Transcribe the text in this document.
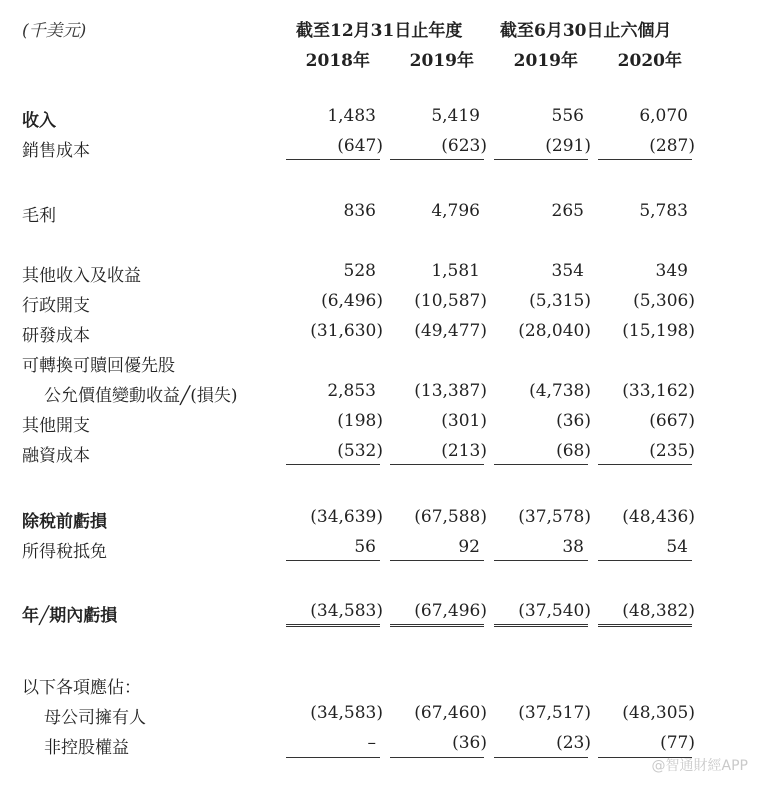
(千美元)	截至12月31日止年度 截至6月30日止六個月
2018年	2019年	2019年	2020年
收入	1,483	5,419	556	6,070
銷售成本	(647)	(623)	(291)	(287)
毛利	836	4,796	265	5,783
其他收入及收益	528	1,581	354	349
行政開支	(6,496)	(10,587)	(5,315)	(5,306)
研發成本	(31,630)	(49,477)	(28,040)	(15,198)
可轉換可贖回優先股
公允價值變動收益╱(損失)	2,853	(13,387)	(4,738)	(33,162)
其他開支	(198)	(301)	(36)	(667)
融資成本	(532)	(213)	(68)	(235)
除稅前虧損	(34,639)	(67,588)	(37,578)	(48,436)
所得稅抵免	56	92	38	54
年╱期內虧損	(34,583)	(67,496)	(37,540)	(48,382)
以下各項應佔：
母公司擁有人	(34,583)	(67,460)	(37,517)	(48,305)
非控股權益	–	(36)	(23)	(77)
@智通財經APP
